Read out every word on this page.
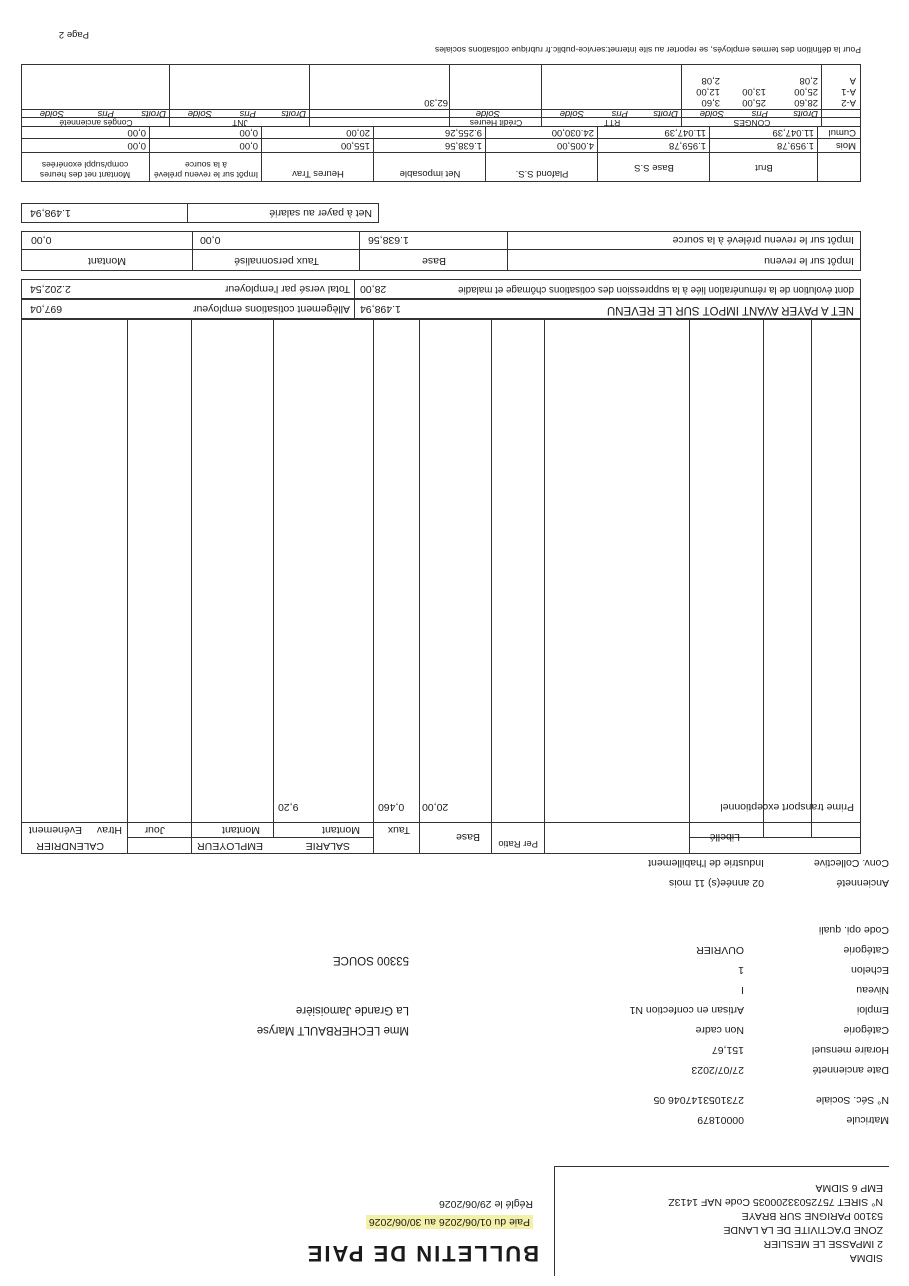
SIDMA
2 IMPASSE LE MESLIER
ZONE D'ACTIVITE DE LA LANDE
53100 PARIGNE SUR BRAYE
N° SIRET 75725033200035 Code NAF 1413Z
EMP 6 SIDMA
BULLETIN DE PAIE
Paie du 01/06/2026 au 30/06/2026
Réglé le 29/06/2026
Matricule
00001879
N° Séc. Sociale
2731053147046 05
Date ancienneté
27/07/2023
Horaire mensuel
151,67
Catégorie
Non cadre
Emploi
Artisan en confection N1
Niveau
I
Echelon
1
Catégorie
OUVRIER
Code opi. quali
Mme LECHERBAULT Maryse
La Grande Jamoisière
53300 SOUCE
Ancienneté
02 année(s) 11 mois
Conv. Collective
Industrie de l'habillement
Libellé
Per Ratio
Base
SALARIE
Taux
Montant
EMPLOYEUR
Montant
CALENDRIER
Jour
Htrav
Evénement
Prime transport exceptionnel
20,00
0,460
9,20
NET A PAYER AVANT IMPOT SUR LE REVENU
1.498,94
Allègement cotisations employeur
697,04
dont évolution de la rémunération liée à la suppression des cotisations chômage et maladie
28,00
Total versé par l'employeur
2.202,54
Impôt sur le revenu
Base
Taux personnalisé
Montant
Impôt sur le revenu prélevé à la source
1.638,56
0,00
0,00
Net à payer au salarié
1.498,94
Brut
Base S.S
Plafond S.S.
Net imposable
Heures Trav
Impôt sur le revenu prélevé à la source
Montant net des heures comp/suppl exonérées
Mois
1.959,78
1.959,78
4.005,00
1.638,56
155,00
0,00
0,00
Cumul
11.047,39
11.047,39
24.030,00
9.255,26
20,00
0,00
0,00
CONGES
RTT
Crédit Heures
JNT
Congés ancienneté
Droits
Pris
Solde
Droits
Pris
Solde
Solde
Droits
Pris
Solde
Droits
Pris
Solde
A-2
28,60
25,00
3,60
A-1
25,00
13,00
12,00
A
2,08
2,08
62,30
Pour la définition des termes employés, se reporter au site internet:service-public.fr rubrique cotisations sociales
Page 2
